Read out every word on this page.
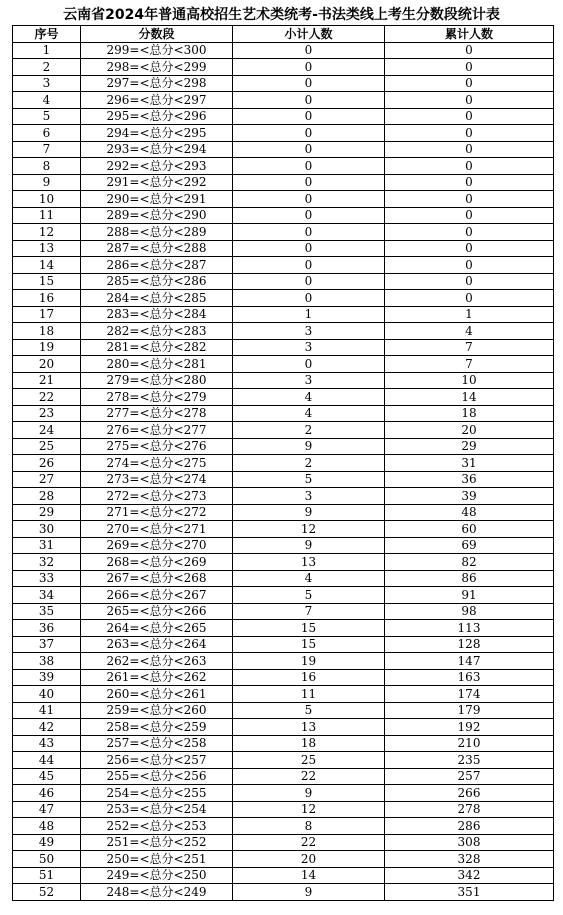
云南省2024年普通高校招生艺术类统考-书法类线上考生分数段统计表
序号	分数段	小计人数	累计人数
1	299=<总分<300	0	0
2	298=<总分<299	0	0
3	297=<总分<298	0	0
4	296=<总分<297	0	0
5	295=<总分<296	0	0
6	294=<总分<295	0	0
7	293=<总分<294	0	0
8	292=<总分<293	0	0
9	291=<总分<292	0	0
10	290=<总分<291	0	0
11	289=<总分<290	0	0
12	288=<总分<289	0	0
13	287=<总分<288	0	0
14	286=<总分<287	0	0
15	285=<总分<286	0	0
16	284=<总分<285	0	0
17	283=<总分<284	1	1
18	282=<总分<283	3	4
19	281=<总分<282	3	7
20	280=<总分<281	0	7
21	279=<总分<280	3	10
22	278=<总分<279	4	14
23	277=<总分<278	4	18
24	276=<总分<277	2	20
25	275=<总分<276	9	29
26	274=<总分<275	2	31
27	273=<总分<274	5	36
28	272=<总分<273	3	39
29	271=<总分<272	9	48
30	270=<总分<271	12	60
31	269=<总分<270	9	69
32	268=<总分<269	13	82
33	267=<总分<268	4	86
34	266=<总分<267	5	91
35	265=<总分<266	7	98
36	264=<总分<265	15	113
37	263=<总分<264	15	128
38	262=<总分<263	19	147
39	261=<总分<262	16	163
40	260=<总分<261	11	174
41	259=<总分<260	5	179
42	258=<总分<259	13	192
43	257=<总分<258	18	210
44	256=<总分<257	25	235
45	255=<总分<256	22	257
46	254=<总分<255	9	266
47	253=<总分<254	12	278
48	252=<总分<253	8	286
49	251=<总分<252	22	308
50	250=<总分<251	20	328
51	249=<总分<250	14	342
52	248=<总分<249	9	351
